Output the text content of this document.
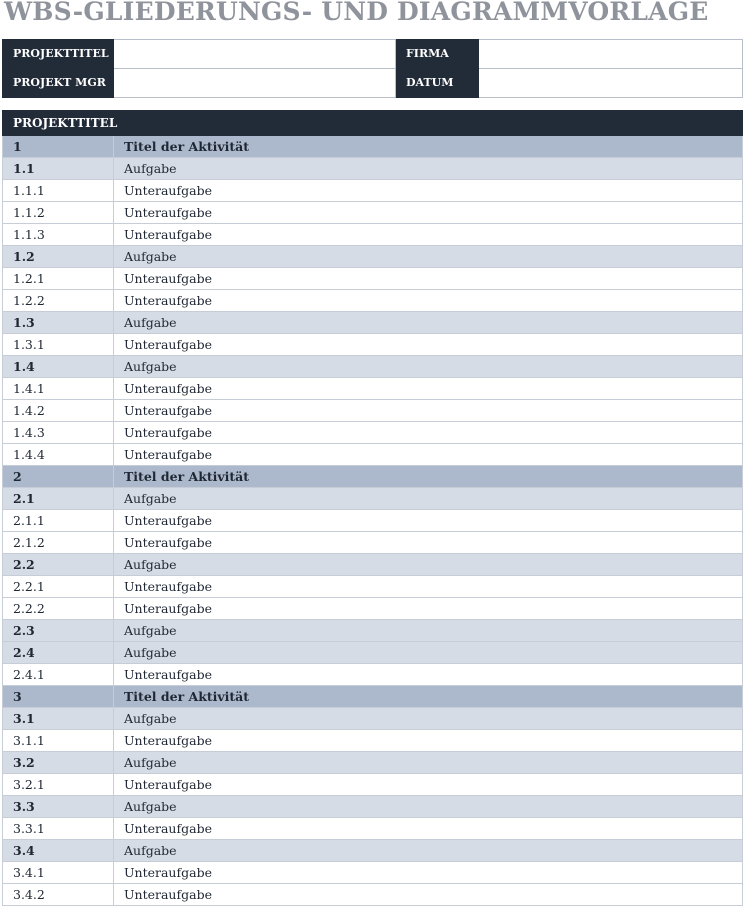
WBS-GLIEDERUNGS- UND DIAGRAMMVORLAGE
PROJEKTTITEL		FIRMA	
PROJEKT MGR		DATUM	
PROJEKTTITEL	
1	Titel der Aktivität
1.1	Aufgabe
1.1.1	Unteraufgabe
1.1.2	Unteraufgabe
1.1.3	Unteraufgabe
1.2	Aufgabe
1.2.1	Unteraufgabe
1.2.2	Unteraufgabe
1.3	Aufgabe
1.3.1	Unteraufgabe
1.4	Aufgabe
1.4.1	Unteraufgabe
1.4.2	Unteraufgabe
1.4.3	Unteraufgabe
1.4.4	Unteraufgabe
2	Titel der Aktivität
2.1	Aufgabe
2.1.1	Unteraufgabe
2.1.2	Unteraufgabe
2.2	Aufgabe
2.2.1	Unteraufgabe
2.2.2	Unteraufgabe
2.3	Aufgabe
2.4	Aufgabe
2.4.1	Unteraufgabe
3	Titel der Aktivität
3.1	Aufgabe
3.1.1	Unteraufgabe
3.2	Aufgabe
3.2.1	Unteraufgabe
3.3	Aufgabe
3.3.1	Unteraufgabe
3.4	Aufgabe
3.4.1	Unteraufgabe
3.4.2	Unteraufgabe
